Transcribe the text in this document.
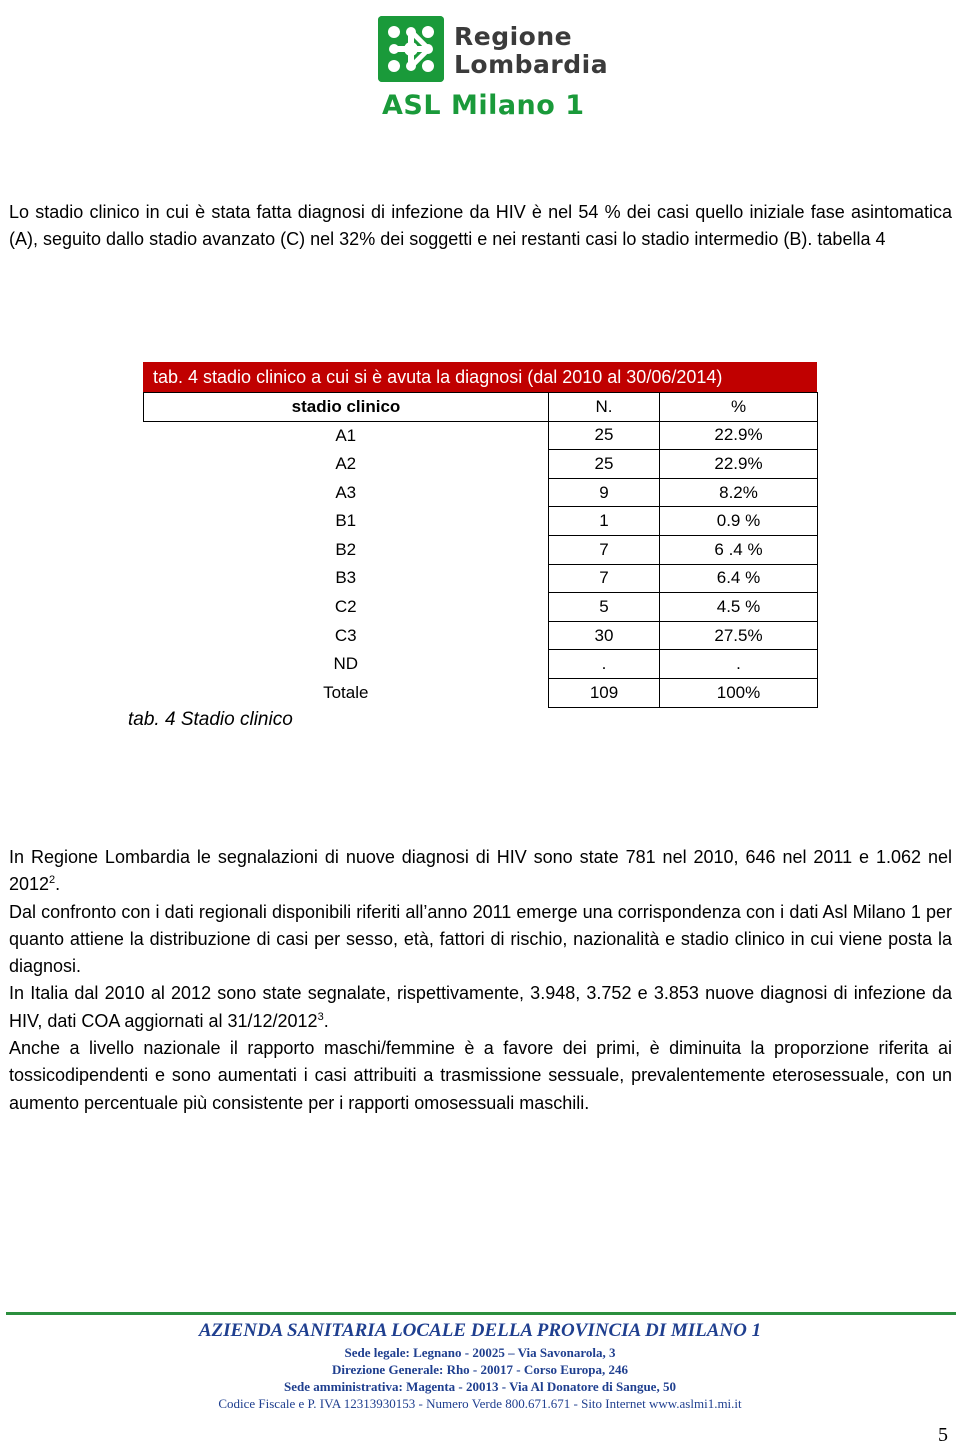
Regione
Lombardia
ASL Milano 1
Lo stadio clinico in cui è stata fatta diagnosi di infezione da HIV è nel 54 % dei casi quello iniziale fase asintomatica (A), seguito dallo stadio avanzato (C) nel 32% dei soggetti e nei restanti casi lo stadio intermedio (B). tabella 4
tab. 4 stadio clinico a cui si è avuta la diagnosi (dal 2010 al 30/06/2014)
stadio clinico	N.	%
A1	25	22.9%
A2	25	22.9%
A3	9	8.2%
B1	1	0.9 %
B2	7	6 .4 %
B3	7	6.4 %
C2	5	4.5 %
C3	30	27.5%
ND	.	.
Totale	109	100%
tab. 4 Stadio clinico
In Regione Lombardia le segnalazioni di nuove diagnosi di HIV sono state 781 nel 2010, 646 nel 2011 e 1.062 nel 2012$^2$.
Dal confronto con i dati regionali disponibili riferiti all’anno 2011 emerge una corrispondenza con i dati Asl Milano 1 per quanto attiene la distribuzione di casi per sesso, età, fattori di rischio, nazionalità e stadio clinico in cui viene posta la diagnosi.
In Italia dal 2010 al 2012 sono state segnalate, rispettivamente, 3.948, 3.752 e 3.853 nuove diagnosi di infezione da HIV, dati COA aggiornati al 31/12/2012$^3$.
Anche a livello nazionale il rapporto maschi/femmine è a favore dei primi, è diminuita la proporzione riferita ai tossicodipendenti e sono aumentati i casi attribuiti a trasmissione sessuale, prevalentemente eterosessuale, con un aumento percentuale più consistente per i rapporti omosessuali maschili.
AZIENDA SANITARIA LOCALE DELLA PROVINCIA DI MILANO 1
Sede legale: Legnano - 20025 – Via Savonarola, 3
Direzione Generale: Rho - 20017 - Corso Europa, 246
Sede amministrativa: Magenta - 20013 - Via Al Donatore di Sangue, 50
Codice Fiscale e P. IVA 12313930153 - Numero Verde 800.671.671 - Sito Internet www.aslmi1.mi.it
5
